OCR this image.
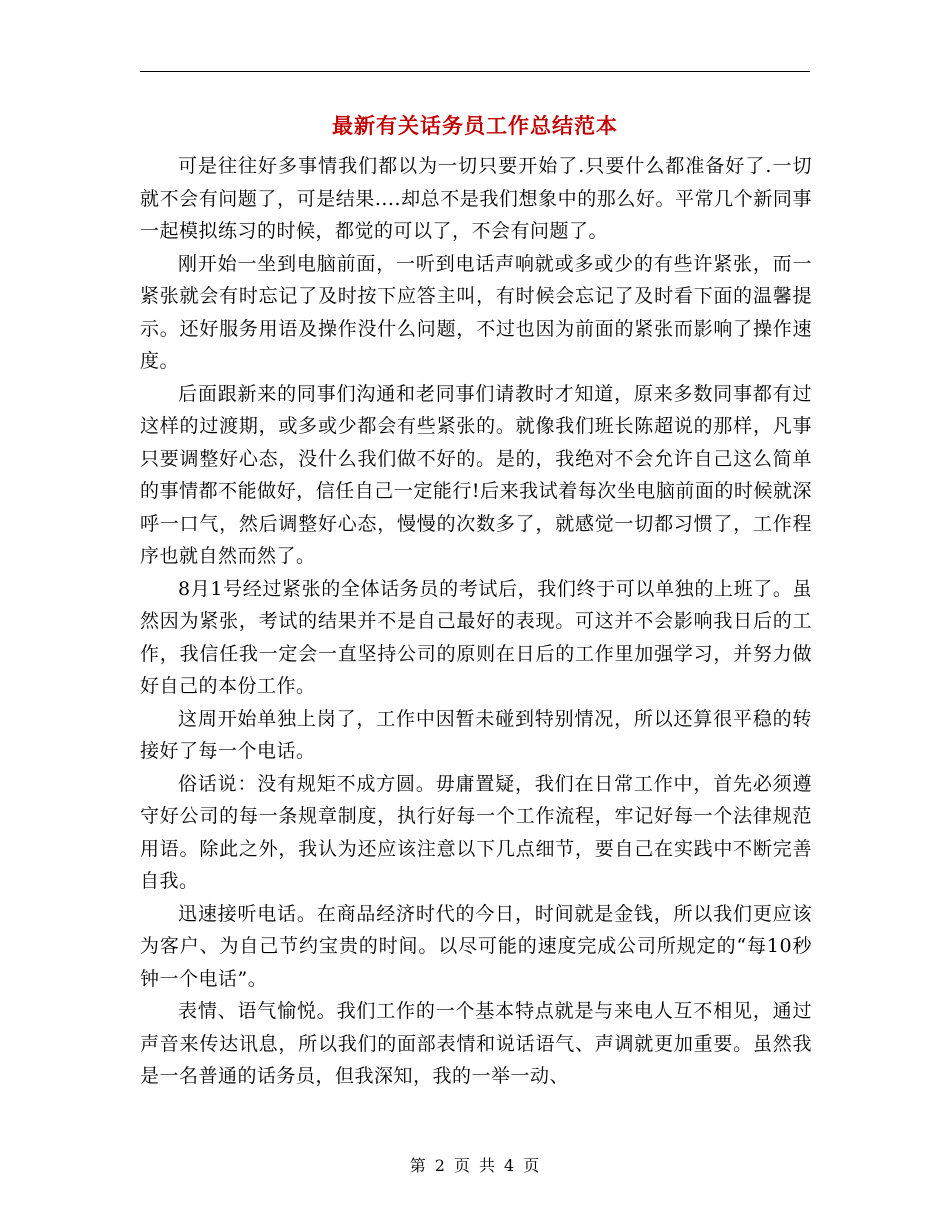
最新有关话务员工作总结范本

可是往往好多事情我们都以为一切只要开始了.只要什么都准备好了.一切就不会有问题了，可是结果....却总不是我们想象中的那么好。平常几个新同事一起模拟练习的时候，都觉的可以了，不会有问题了。

刚开始一坐到电脑前面，一听到电话声响就或多或少的有些许紧张，而一紧张就会有时忘记了及时按下应答主叫，有时候会忘记了及时看下面的温馨提示。还好服务用语及操作没什么问题，不过也因为前面的紧张而影响了操作速度。

后面跟新来的同事们沟通和老同事们请教时才知道，原来多数同事都有过这样的过渡期，或多或少都会有些紧张的。就像我们班长陈超说的那样，凡事只要调整好心态，没什么我们做不好的。是的，我绝对不会允许自己这么简单的事情都不能做好，信任自己一定能行!后来我试着每次坐电脑前面的时候就深呼一口气，然后调整好心态，慢慢的次数多了，就感觉一切都习惯了，工作程序也就自然而然了。

8月1号经过紧张的全体话务员的考试后，我们终于可以单独的上班了。虽然因为紧张，考试的结果并不是自己最好的表现。可这并不会影响我日后的工作，我信任我一定会一直坚持公司的原则在日后的工作里加强学习，并努力做好自己的本份工作。

这周开始单独上岗了，工作中因暂未碰到特别情况，所以还算很平稳的转接好了每一个电话。

俗话说：没有规矩不成方圆。毋庸置疑，我们在日常工作中，首先必须遵守好公司的每一条规章制度，执行好每一个工作流程，牢记好每一个法律规范用语。除此之外，我认为还应该注意以下几点细节，要自己在实践中不断完善自我。

迅速接听电话。在商品经济时代的今日，时间就是金钱，所以我们更应该为客户、为自己节约宝贵的时间。以尽可能的速度完成公司所规定的“每10秒钟一个电话”。

表情、语气愉悦。我们工作的一个基本特点就是与来电人互不相见，通过声音来传达讯息，所以我们的面部表情和说话语气、声调就更加重要。虽然我是一名普通的话务员，但我深知，我的一举一动、

第 2 页 共 4 页
